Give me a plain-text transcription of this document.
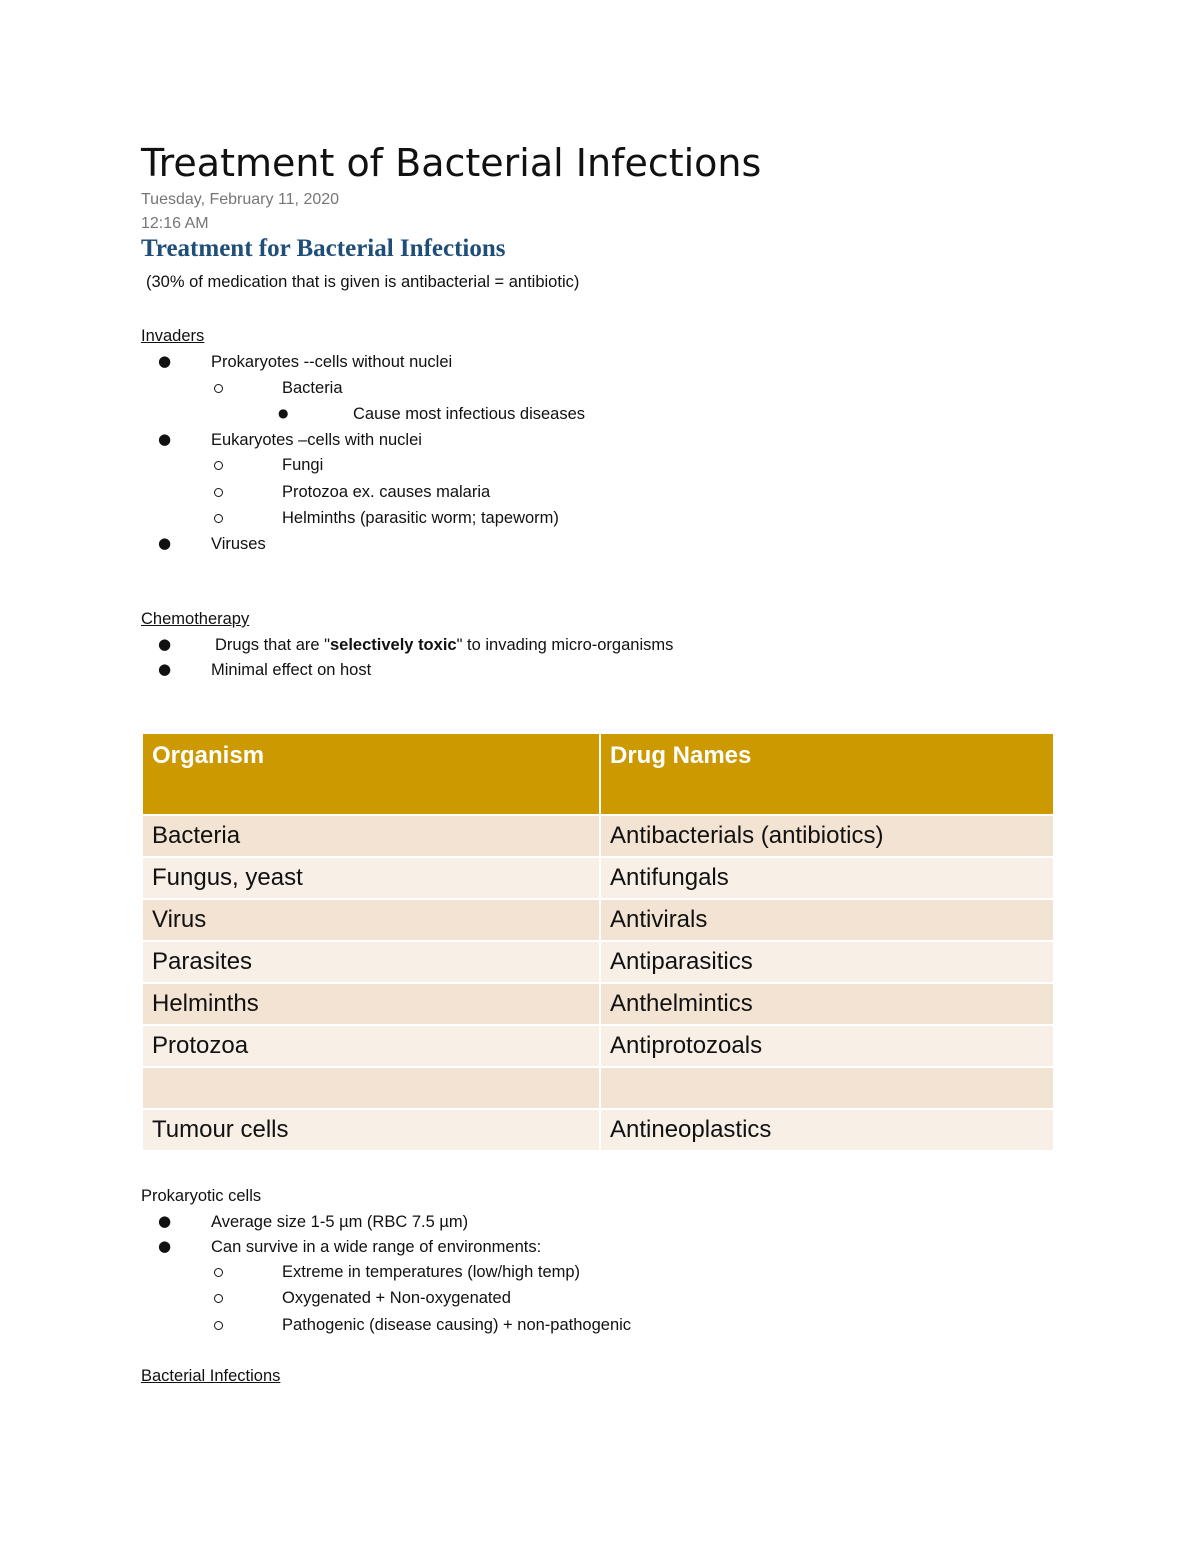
Treatment of Bacterial Infections
Tuesday, February 11, 2020
12:16 AM
Treatment for Bacterial Infections
(30% of medication that is given is antibacterial = antibiotic)
Invaders
● Prokaryotes --cells without nuclei
Bacteria
●	Cause most infectious diseases
● Eukaryotes –cells with nuclei
Fungi
Protozoa ex. causes malaria
Helminths (parasitic worm; tapeworm)
● Viruses
Chemotherapy
●	Drugs that are "selectively toxic" to invading micro-organisms
● Minimal effect on host
Organism	Drug Names
Bacteria	Antibacterials (antibiotics)
Fungus, yeast	Antifungals
Virus	Antivirals
Parasites	Antiparasitics
Helminths	Anthelmintics
Protozoa	Antiprotozoals

Tumour cells	Antineoplastics
Prokaryotic cells
● Average size 1-5 µm (RBC 7.5 µm)
● Can survive in a wide range of environments:
Extreme in temperatures (low/high temp)
Oxygenated + Non-oxygenated
Pathogenic (disease causing) + non-pathogenic
Bacterial Infections
